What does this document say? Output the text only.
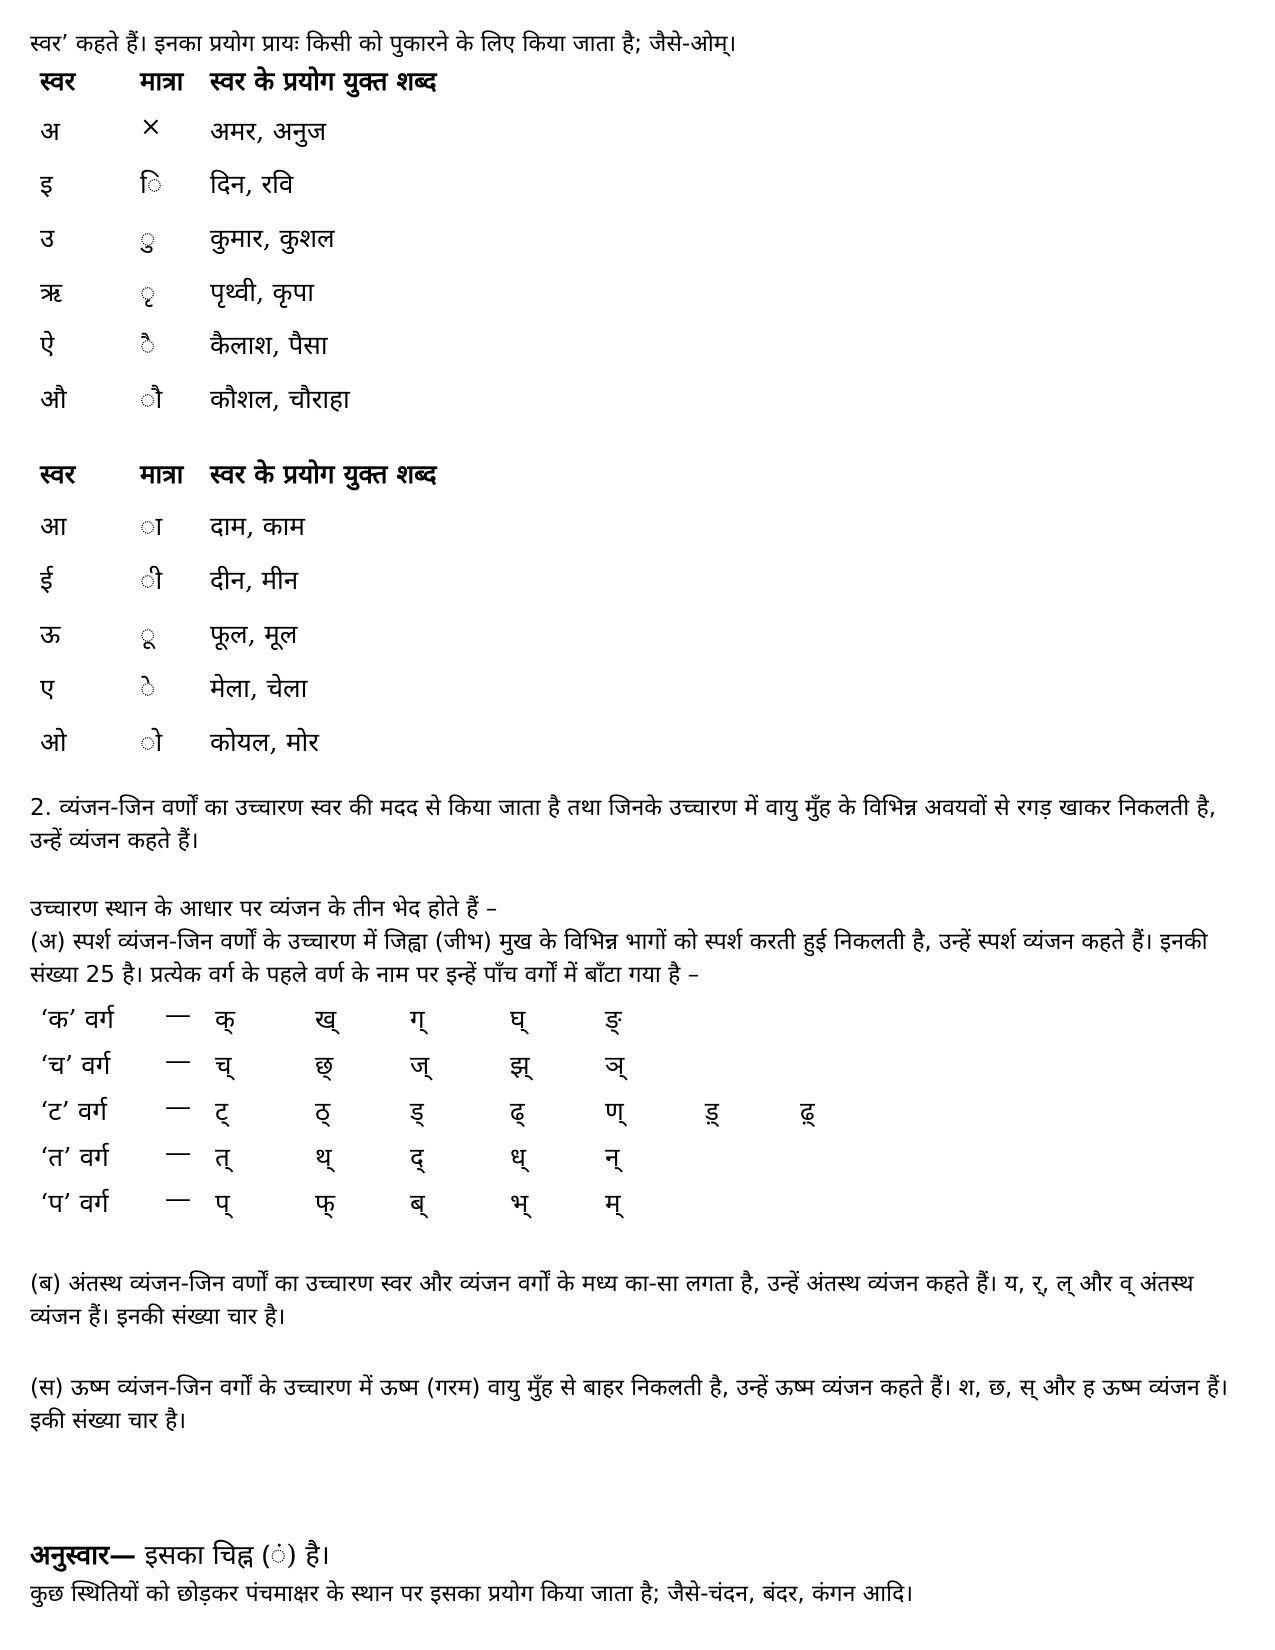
स्वर’ कहते हैं। इनका प्रयोग प्रायः किसी को पुकारने के लिए किया जाता है; जैसे-ओम्।

स्वर मात्रा स्वर के प्रयोग युक्त शब्द
अ	× अमर, अनुज
इ	ि दिन, रवि
उ	ु कुमार, कुशल
ऋ	ृ पृथ्वी, कृपा
ऐ	ै कैलाश, पैसा
औ	ौ कौशल, चौराहा
स्वर मात्रा स्वर के प्रयोग युक्त शब्द
आ	ा दाम, काम
ई	ी दीन, मीन
ऊ	ू फूल, मूल
ए	े मेला, चेला
ओ	ो कोयल, मोर

2. व्यंजन-जिन वर्णों का उच्चारण स्वर की मदद से किया जाता है तथा जिनके उच्चारण में वायु मुँह के विभिन्न अवयवों से रगड़ खाकर निकलती है, उन्हें व्यंजन कहते हैं।

उच्चारण स्थान के आधार पर व्यंजन के तीन भेद होते हैं –

(अ) स्पर्श व्यंजन-जिन वर्णों के उच्चारण में जिह्वा (जीभ) मुख के विभिन्न भागों को स्पर्श करती हुई निकलती है, उन्हें स्पर्श व्यंजन कहते हैं। इनकी संख्या 25 है। प्रत्येक वर्ग के पहले वर्ण के नाम पर इन्हें पाँच वर्गों में बाँटा गया है –

‘क’ वर्ग — क्	ख्	ग्	घ्	ङ्
‘च’ वर्ग — च्	छ्	ज्	झ्	ञ्
‘ट’ वर्ग — ट्	ठ्	ड्	ढ्	ण्	ड़्	ढ़्
‘त’ वर्ग — त्	थ्	द्	ध्	न्
‘प’ वर्ग — प्	फ्	ब्	भ्	म्

(ब) अंतस्थ व्यंजन-जिन वर्णों का उच्चारण स्वर और व्यंजन वर्गों के मध्य का-सा लगता है, उन्हें अंतस्थ व्यंजन कहते हैं। य, र्, ल् और व् अंतस्थ व्यंजन हैं। इनकी संख्या चार है।

(स) ऊष्म व्यंजन-जिन वर्गों के उच्चारण में ऊष्म (गरम) वायु मुँह से बाहर निकलती है, उन्हें ऊष्म व्यंजन कहते हैं। श, छ, स् और ह ऊष्म व्यंजन हैं। इकी संख्या चार है।

अनुस्वार— इसका चिह्न (ं) है।

कुछ स्थितियों को छोड़कर पंचमाक्षर के स्थान पर इसका प्रयोग किया जाता है; जैसे-चंदन, बंदर, कंगन आदि।
